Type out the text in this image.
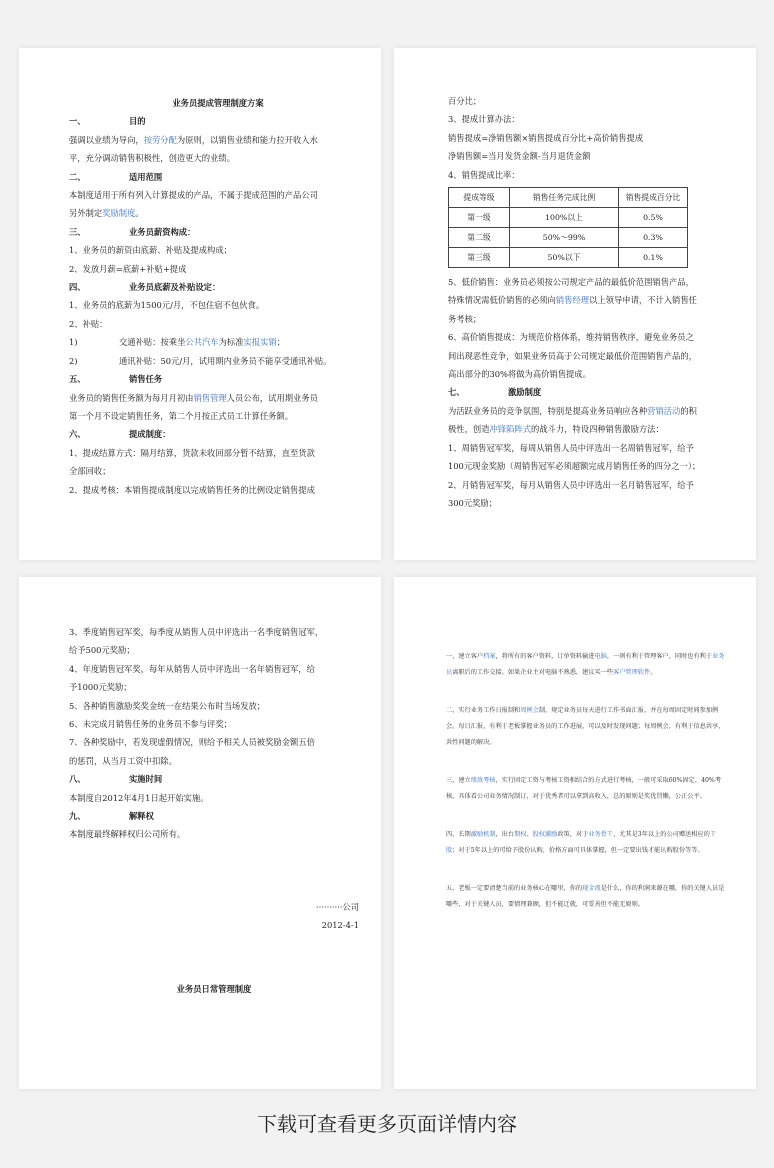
业务员提成管理制度方案
一、	目的
强调以业绩为导向，按劳分配为原则，以销售业绩和能力拉开收入水
平，充分调动销售积极性，创造更大的业绩。
二、	适用范围
本制度适用于所有列入计算提成的产品，不属于提成范围的产品公司
另外制定奖励制度。
三、	业务员薪资构成：
1、业务员的薪资由底薪、补贴及提成构成；
2、发放月薪=底薪+补贴+提成
四、	业务员底薪及补贴设定：
1、业务员的底薪为1500元/月，不包住宿不包伙食。
2、补贴：
1)	交通补贴：按乘坐公共汽车为标准实报实销；
2)	通讯补贴：50元/月，试用期内业务员不能享受通讯补贴。
五、	销售任务
业务员的销售任务额为每月月初由销售管理人员公布，试用期业务员
第一个月不设定销售任务，第二个月按正式员工计算任务额。
六、	提成制度：
1、提成结算方式：隔月结算，货款未收回部分暂不结算，直至货款
全部回收；
2、提成考核：本销售提成制度以完成销售任务的比例设定销售提成
百分比；
3、提成计算办法：
销售提成=净销售额×销售提成百分比+高价销售提成
净销售额=当月发货金额-当月退货金额
4、销售提成比率：
提成等级	销售任务完成比例	销售提成百分比
第一级	100%以上	0.5%
第二级	50%～99%	0.3%
第三级	50%以下	0.1%
5、低价销售：业务员必须按公司规定产品的最低价范围销售产品，
特殊情况需低价销售的必须向销售经理以上领导申请，不计入销售任
务考核；
6、高价销售提成：为规范价格体系，维持销售秩序，避免业务员之
间出现恶性竞争，如果业务员高于公司规定最低价范围销售产品的，
高出部分的30%将做为高价销售提成。
七、	激励制度
为活跃业务员的竞争氛围，特别是提高业务员响应各种营销活动的积
极性，创造冲锋陷阵式的战斗力，特设四种销售激励方法：
1、周销售冠军奖，每周从销售人员中评选出一名周销售冠军，给予
100元现金奖励（周销售冠军必须超额完成月销售任务的四分之一）；
2、月销售冠军奖，每月从销售人员中评选出一名月销售冠军，给予
300元奖励；
3、季度销售冠军奖，每季度从销售人员中评选出一名季度销售冠军，
给予500元奖励；
4、年度销售冠军奖，每年从销售人员中评选出一名年销售冠军，给
予1000元奖励；
5、各种销售激励奖奖金统一在结果公布时当场发放；
6、未完成月销售任务的业务员不参与评奖；
7、各种奖励中，若发现虚假情况，则给予相关人员被奖励金额五倍
的惩罚，从当月工资中扣除。
八、	实施时间
本制度自2012年4月1日起开始实施。
九、	解释权
本制度最终解释权归公司所有。
··········公司
2012-4-1
业务员日常管理制度

一、建立客户档案，将所有的客户资料，订单资料输进电脑，一则有利于管理客户，同时也有利于业务员离职后的工作交接。如果企业主对电脑不熟悉，建议买一些客户管理软件。

二、实行业务工作日报制和周例会制，规定业务员每天进行工作书面汇报，并在每周固定时间参加例会。每日汇报，有利于老板掌握业务员的工作进展，可以及时发现问题；每周例会，有利于信息共享，共性问题的解决。

三、建立绩效考核，实行固定工资与考核工资相结合的方式进行考核，一般可采取60%固定，40%考核，具体看公司业务情况制订，对于优秀者可以拿到高收入，总的原则是奖优罚懒，公正公平。

四、长期激励机制，出台期权、股权激励政策，对于业务骨干，尤其是3年以上的公司赠送相应的干股；对于5年以上的可给予股份认购，价格方面可具体掌握，但一定要出钱才能认购股份等等。

五、老板一定要清楚当前的业务核心在哪里，你的现金流是什么，你的利润来源在哪，你的关键人员是哪些，对于关键人员，要情理兼顾，但不能迁就，可妥善但不能无原则。

下载可查看更多页面详情内容
